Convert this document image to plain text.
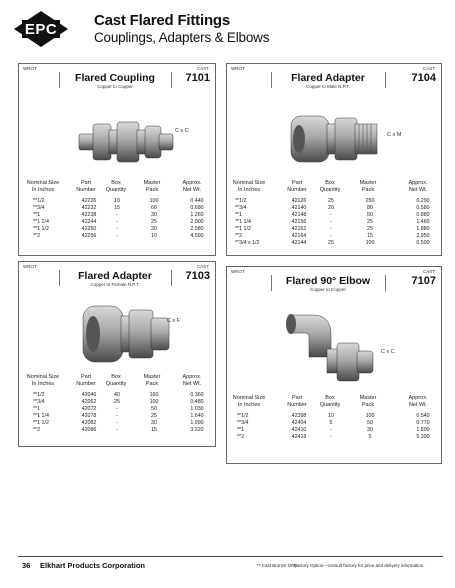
EPC	Cast Flared Fittings
Couplings, Adapters & Elbows
WROT	CAST
Flared Coupling
Copper to Copper
7101
C x C
Nominal Size	Part	Box	Master	Approx.
In Inches	Number	Quantity	Pack	Net Wt.
**1/2	42226	10	100	0.440
**3/4	42232	15	60	0.680
**1	42238	-	30	1.260
**1 1/4	42244	-	25	2.000
**1 1/2	42250	-	20	2.980
**2	42256	-	10	4.590
WROT	CAST
Flared Adapter
Copper to Male N.P.T.
7104
C x M
Nominal Size	Part	Box	Master	Approx.
In Inches	Number	Quantity	Pack	Net Wt.
**1/2	42126	25	250	0.290
**3/4	42140	20	80	0.580
**1	42148	-	50	0.880
**1 1/4	42156	-	25	1.460
**1 1/2	42162	-	25	1.880
**2	42164	-	15	2.950
**3/4 x 1/2	42144	25	100	0.500
WROT	CAST
Flared Adapter
Copper to Female N.P.T.
7103
C x F
Nominal Size	Part	Box	Master	Approx.
In Inches	Number	Quantity	Pack	Net Wt.
**1/2	42046	40	160	0.360
**3/4	42062	25	100	0.480
**1	42072	-	50	1.030
**1 1/4	42078	-	25	1.640
**1 1/2	42082	-	30	1.990
**2	42086	-	15	3.220
WROT	CAST
Flared 90° Elbow
Copper to Copper
7107
C x C
Nominal Size	Part	Box	Master	Approx.
In Inches	Number	Quantity	Pack	Net Wt.
**1/2	42398	10	100	0.540
**3/4	42404	5	50	0.770
**1	42410	-	30	1.600
**2	42418	-	5	5.390
36 Elkhart Products Corporation	** Cast Bronze Only
*Factory Option—consult factory for price and delivery information.
